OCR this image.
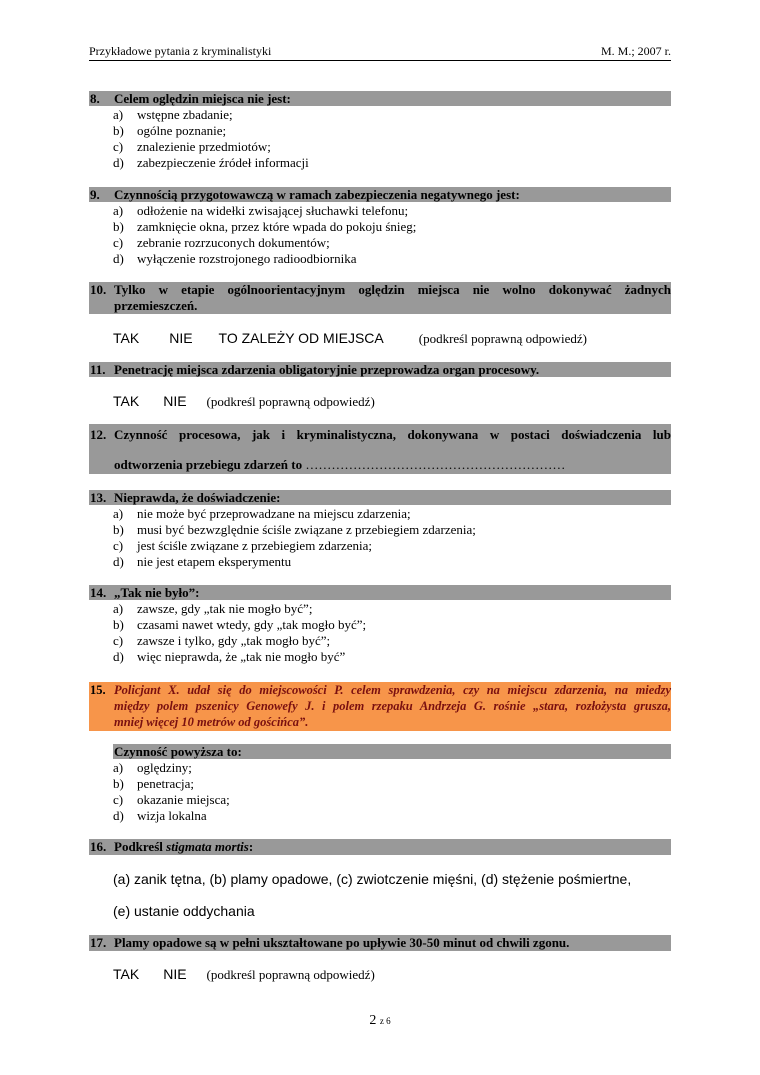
Przykładowe pytania z kryminalistyki	M. M.; 2007 r.
8. Celem oględzin miejsca nie jest:
a) wstępne zbadanie;
b) ogólne poznanie;
c) znalezienie przedmiotów;
d) zabezpieczenie źródeł informacji
9. Czynnością przygotowawczą w ramach zabezpieczenia negatywnego jest:
a) odłożenie na widełki zwisającej słuchawki telefonu;
b) zamknięcie okna, przez które wpada do pokoju śnieg;
c) zebranie rozrzuconych dokumentów;
d) wyłączenie rozstrojonego radioodbiornika
10. Tylko w etapie ogólnoorientacyjnym oględzin miejsca nie wolno dokonywać żadnych
przemieszczeń.
TAK NIE TO ZALEŻY OD MIEJSCA	(podkreśl poprawną odpowiedź)
11. Penetrację miejsca zdarzenia obligatoryjnie przeprowadza organ procesowy.
TAK NIE (podkreśl poprawną odpowiedź)
12. Czynność procesowa, jak i kryminalistyczna, dokonywana w postaci doświadczenia lub
odtworzenia przebiegu zdarzeń to ……………………………………………………
13. Nieprawda, że doświadczenie:
a) nie może być przeprowadzane na miejscu zdarzenia;
b) musi być bezwzględnie ściśle związane z przebiegiem zdarzenia;
c) jest ściśle związane z przebiegiem zdarzenia;
d) nie jest etapem eksperymentu
14. „Tak nie było”:
a) zawsze, gdy „tak nie mogło być”;
b) czasami nawet wtedy, gdy „tak mogło być”;
c) zawsze i tylko, gdy „tak mogło być”;
d) więc nieprawda, że „tak nie mogło być”
15. Policjant X. udał się do miejscowości P. celem sprawdzenia, czy na miejscu zdarzenia, na miedzy
między polem pszenicy Genowefy J. i polem rzepaku Andrzeja G. rośnie „stara, rozłożysta grusza,
mniej więcej 10 metrów od gościńca”.
Czynność powyższa to:
a) oględziny;
b) penetracja;
c) okazanie miejsca;
d) wizja lokalna
16. Podkreśl stigmata mortis:
(a) zanik tętna, (b) plamy opadowe, (c) zwiotczenie mięśni, (d) stężenie pośmiertne,
(e) ustanie oddychania
17. Plamy opadowe są w pełni ukształtowane po upływie 30-50 minut od chwili zgonu.
TAK NIE (podkreśl poprawną odpowiedź)
2 z 6
